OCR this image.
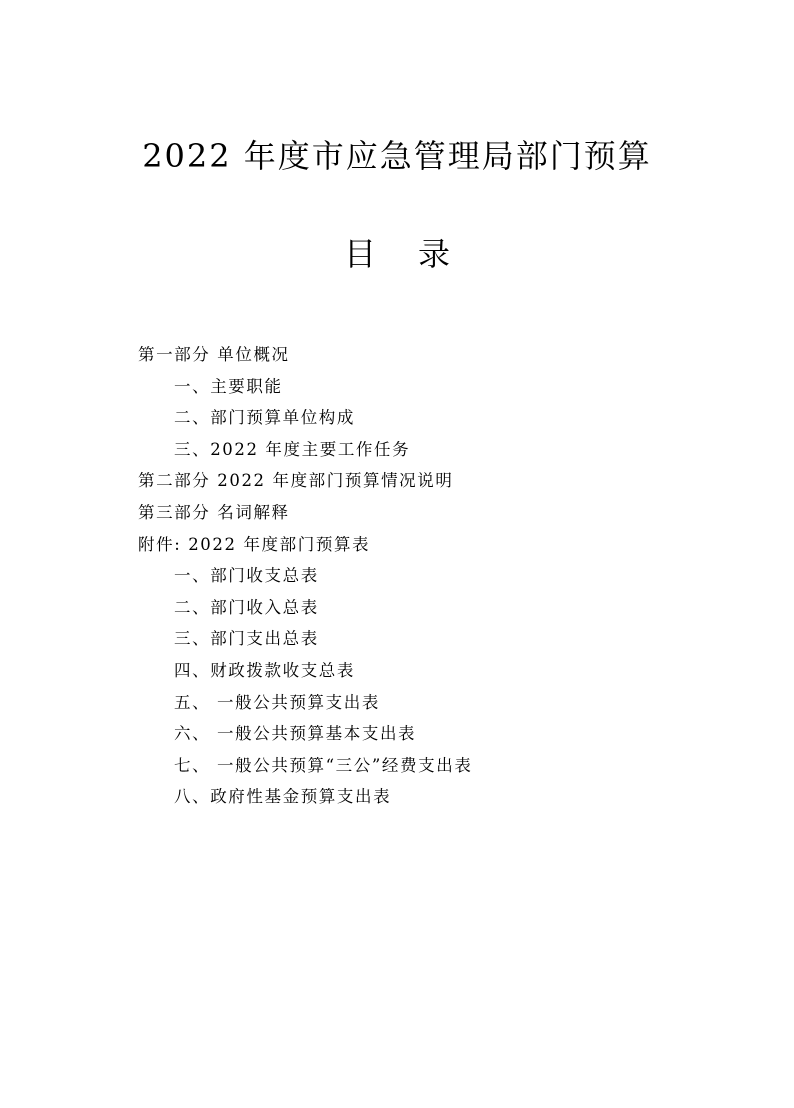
2022 年度市应急管理局部门预算
目 录
第一部分 单位概况
一、主要职能
二、部门预算单位构成
三、2022 年度主要工作任务
第二部分 2022 年度部门预算情况说明
第三部分 名词解释
附件: 2022 年度部门预算表
一、部门收支总表
二、部门收入总表
三、部门支出总表
四、财政拨款收支总表
五、 一般公共预算支出表
六、 一般公共预算基本支出表
七、 一般公共预算“三公”经费支出表
八、政府性基金预算支出表
